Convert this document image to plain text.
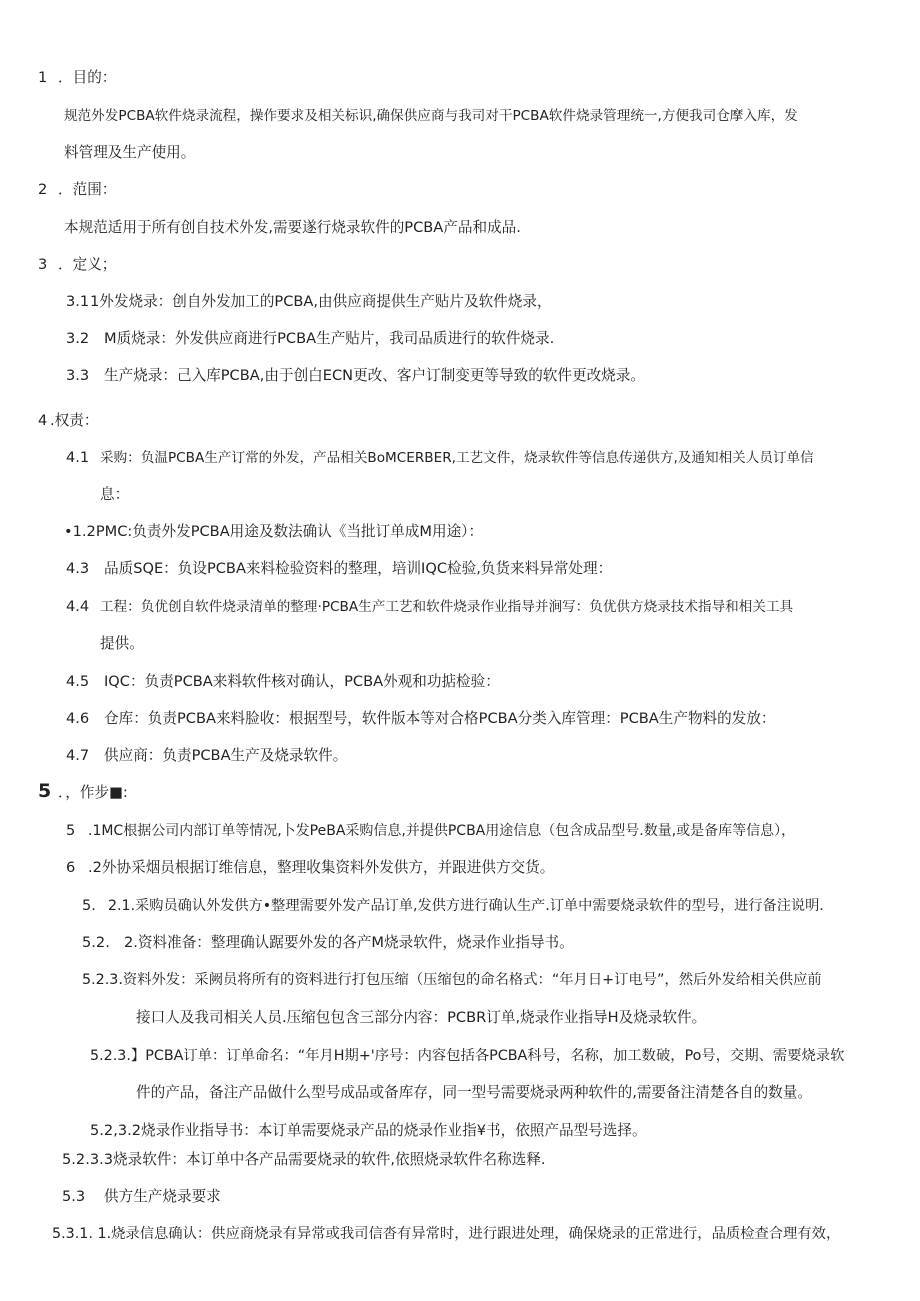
1 ．目的：
规范外发PCBA软件烧录流程，操作要求及相关标识,确保供应商与我司对干PCBA软件烧录管理统一,方便我司仓摩入库，发
料管理及生产使用。
2 ．范围：
本规范适用于所有创自技术外发,需要遂行烧录软件的PCBA产品和成品.
3 ．定义；
3.1 1外发烧录：创自外发加工的PCBA,由供应商提供生产贴片及软件烧录，
3.2 M质烧录：外发供应商进行PCBA生产贴片，我司品质进行的软件烧录.
3.3 生产烧录：己入库PCBA,由于创白ECN更改、客户订制变更等导致的软件更改烧录。
4 .权责：
4.1 采购：负温PCBA生产订常的外发，产品相关BoMCERBER,工艺文件，烧录软件等信息传递供方,及通知相关人员订单信
息：
•1.2PMC:负责外发PCBA用途及数法确认《当批订单成M用途）：
4.3 品质SQE：负设PCBA来料检验资料的整理，培训IQC检验,负货来料异常处理：
4.4 工程：负优创自软件烧录清单的整理·PCBA生产工艺和软件烧录作业指导并涧写：负优供方烧录技术指导和相关工具
提供。
4.5 IQC：负责PCBA来料软件核对确认，PCBA外观和功掂检验：
4.6 仓库：负责PCBA来料脸收：根据型号，软件版本等对合格PCBA分类入库管理：PCBA生产物料的发放：
4.7 供应商：负责PCBA生产及烧录软件。
5 ．，作步■:
5 .1MC根据公司内部订单等情况,卜发PeBA采购信息,并提供PCBA用途信息（包含成品型号.数量,或是备库等信息），
6 .2外协采烟员根据订维信息，整理收集资料外发供方，并跟进供方交货。
5. 2.1.采购员确认外发供方•整理需要外发产品订单,发供方进行确认生产.订单中需要烧录软件的型号，进行备注说明.
5.2. 2.资料准备：整理确认踞要外发的各产M烧录软件，烧录作业指导书。
5.2.3.资料外发：采阙员将所有的资料进行打包压缩（压缩包的命名格式：“年月日+订电号”，然后外发给相关供应前
接口人及我司相关人员.压缩包包含三部分内容：PCBR订单,烧录作业指导H及烧录软件。
5.2.3.】PCBA订单：订单命名：“年月H期+'序号：内容包括各PCBA科号，名称，加工数破，Po号，交期、需要烧录软
件的产品，备注产品做什么型号成品或备库存，同一型号需要烧录两种软件的,需要备注清楚各自的数量。
5.2,3.2烧录作业指导书：本订单需要烧录产品的烧录作业指¥书，依照产品型号选择。
5.2.3.3烧录软件：本订单中各产品需要烧录的软件,依照烧录软件名称选释.
5.3 供方生产烧录要求
5.3.1. 1.烧录信息确认：供应商烧录有异常或我司信沓有异常时，进行跟进处理，确保烧录的正常进行，品质检查合理有效，
